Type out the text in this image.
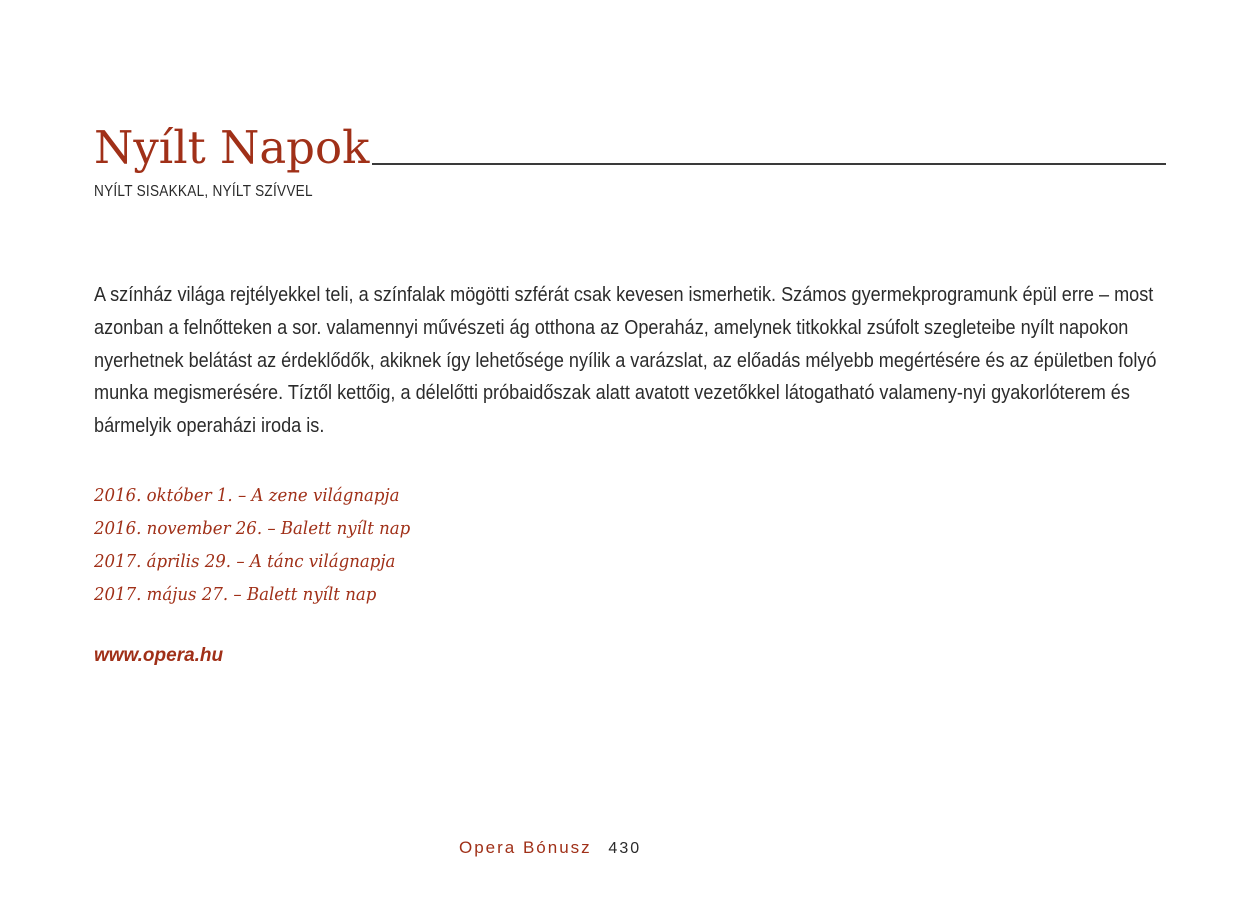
Nyílt Napok
NYÍLT SISAKKAL, NYÍLT SZÍVVEL

A színház világa rejtélyekkel teli, a színfalak mögötti szférát csak kevesen ismerhetik. Számos gyermekprogramunk épül erre – most azonban a felnőtteken a sor. valamennyi művészeti ág otthona az Operaház, amelynek titkokkal zsúfolt szegleteibe nyílt napokon nyerhetnek belátást az érdeklődők, akiknek így lehetősége nyílik a varázslat, az előadás mélyebb megértésére és az épületben folyó munka megismerésére. Tíztől kettőig, a délelőtti próbaidőszak alatt avatott vezetőkkel látogatható valameny-nyi gyakorlóterem és bármelyik operaházi iroda is.

2016. október 1. – A zene világnapja
2016. november 26. – Balett nyílt nap
2017. április 29. – A tánc világnapja
2017. május 27. – Balett nyílt nap
www.opera.hu
Opera Bónusz 430
